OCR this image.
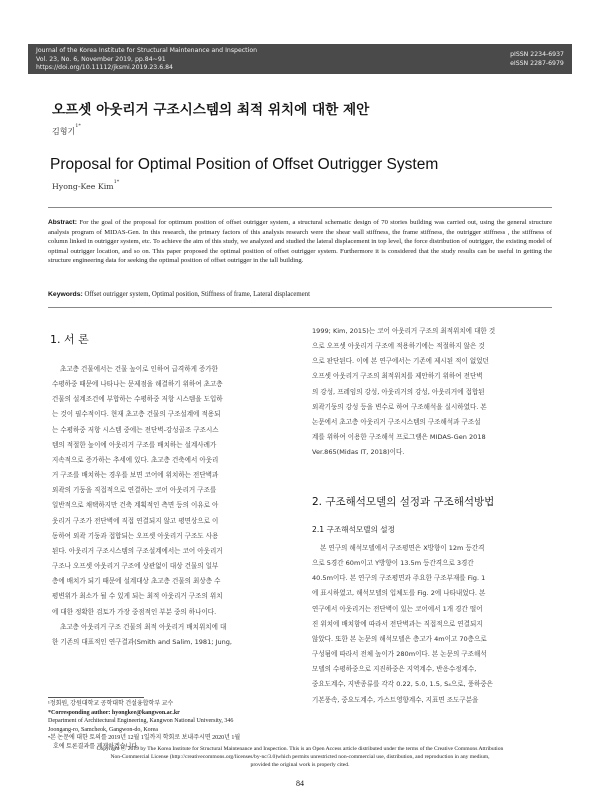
Journal of the Korea Institute for Structural Maintenance and Inspection
Vol. 23, No. 6, November 2019, pp.84~91
https://doi.org/10.11112/jksmi.2019.23.6.84
pISSN 2234-6937
eISSN 2287-6979
오프셋 아웃리거 구조시스템의 최적 위치에 대한 제안
김형기$^{1*}$
Proposal for Optimal Position of Offset Outrigger System
Hyong-Kee Kim$^{1*}$
Abstract: For the goal of the proposal for optimum position of offset outrigger system, a structural schematic design of 70 stories building was carried out, using the general structure analysis program of MIDAS-Gen. In this research, the primary factors of this analysis research were the shear wall stiffness, the frame stiffness, the outrigger stiffness , the stiffness of column linked in outrigger system, etc. To achieve the aim of this study, we analyzed and studied the lateral displacement in top level, the force distribution of outrigger, the existing model of optimal outrigger location, and so on. This paper proposed the optimal position of offset outrigger system. Furthermore it is considered that the study results can be useful in getting the structure engineering data for seeking the optimal position of offset outrigger in the tall building.
Keywords: Offset outrigger system, Optimal position, Stiffness of frame, Lateral displacement
1. 서 론
초고층 건물에서는 건물 높이로 인하여 급격하게 증가한
수평하중 때문에 나타나는 문제점을 해결하기 위하여 초고층
건물의 설계조건에 부합하는 수평하중 저항 시스템을 도입하
는 것이 필수적이다. 현재 초고층 건물의 구조설계에 적용되
는 수평하중 저항 시스템 중에는 전단벽-강성골조 구조시스
템의 적절한 높이에 아웃리거 구조를 배치하는 설계사례가
지속적으로 증가하는 추세에 있다. 초고층 건축에서 아웃리
거 구조를 배치하는 경우를 보면 코어에 위치하는 전단벽과
외곽의 기둥을 직접적으로 연결하는 코어 아웃리거 구조를
일반적으로 채택하지만 건축 계획적인 측면 등의 이유로 아
웃리거 구조가 전단벽에 직접 연결되지 않고 평면상으로 이
동하여 외곽 기둥과 접합되는 오프셋 아웃리거 구조도 사용
된다. 아웃리거 구조시스템의 구조설계에서는 코어 아웃리거
구조나 오프셋 아웃리거 구조에 상관없이 대상 건물의 일부
층에 배치가 되기 때문에 설계대상 초고층 건물의 최상층 수
평변위가 최소가 될 수 있게 되는 최적 아웃리거 구조의 위치
에 대한 정확한 검토가 가장 중점적인 부분 중의 하나이다.
초고층 아웃리거 구조 건물의 최적 아웃리거 배치위치에 대
한 기존의 대표적인 연구결과(Smith and Salim, 1981; Jung,
¹정회원, 강원대학교 공학대학 건설융합학부 교수
*Corresponding author: hyongkee@kangwon.ac.kr
Department of Architectural Engineering, Kangwon National University, 346
Joongang-ro, Samcheok, Gangwon-do, Korea
•본 논문에 대한 토의를 2019년 12월 1일까지 학회로 보내주시면 2020년 1월
호에 토론결과를 게재하겠습니다.
1999; Kim, 2015)는 코어 아웃리거 구조의 최적위치에 대한 것
으로 오프셋 아웃리거 구조에 적용하기에는 적절하지 않은 것
으로 판단된다. 이에 본 연구에서는 기존에 제시된 적이 없었던
오프셋 아웃리거 구조의 최적위치를 제안하기 위하여 전단벽
의 강성, 프레임의 강성, 아웃리거의 강성, 아웃리거에 접합된
외곽기둥의 강성 등을 변수로 하여 구조해석을 실시하였다. 본
논문에서 초고층 아웃리거 구조시스템의 구조해석과 구조설
계를 위하여 이용한 구조해석 프로그램은 MIDAS-Gen 2018
Ver.865(Midas IT, 2018)이다.
2. 구조해석모델의 설정과 구조해석방법
2.1 구조해석모델의 설정
본 연구의 해석모델에서 구조평면은 X방향이 12m 등간격
으로 5경간 60m이고 Y방향이 13.5m 등간격으로 3경간
40.5m이다. 본 연구의 구조평면과 주요한 구조부재를 Fig. 1
에 표시하였고, 해석모델의 입체도를 Fig. 2에 나타내었다. 본
연구에서 아웃리거는 전단벽이 있는 코어에서 1개 경간 떨어
진 위치에 배치함에 따라서 전단벽과는 직접적으로 연결되지
않았다. 또한 본 논문의 해석모델은 층고가 4m이고 70층으로
구성됨에 따라서 전체 높이가 280m이다. 본 논문의 구조해석
모델의 수평하중으로 지진하중은 지역계수, 반응수정계수,
중요도계수, 지반종류를 각각 0.22, 5.0, 1.5, S₄으로, 풍하중은
기본풍속, 중요도계수, 가스트영향계수, 지표면 조도구분을
Copyright ⓒ 2019 by The Korea Institute for Structural Maintenance and Inspection. This is an Open Access article distributed under the terms of the Creative Commons Attribution
Non-Commercial License (http://creativecommons.org/licenses/by-nc/3.0)which permits unrestricted non-commercial use, distribution, and reproduction in any medium,
provided the original work is properly cited.
84
